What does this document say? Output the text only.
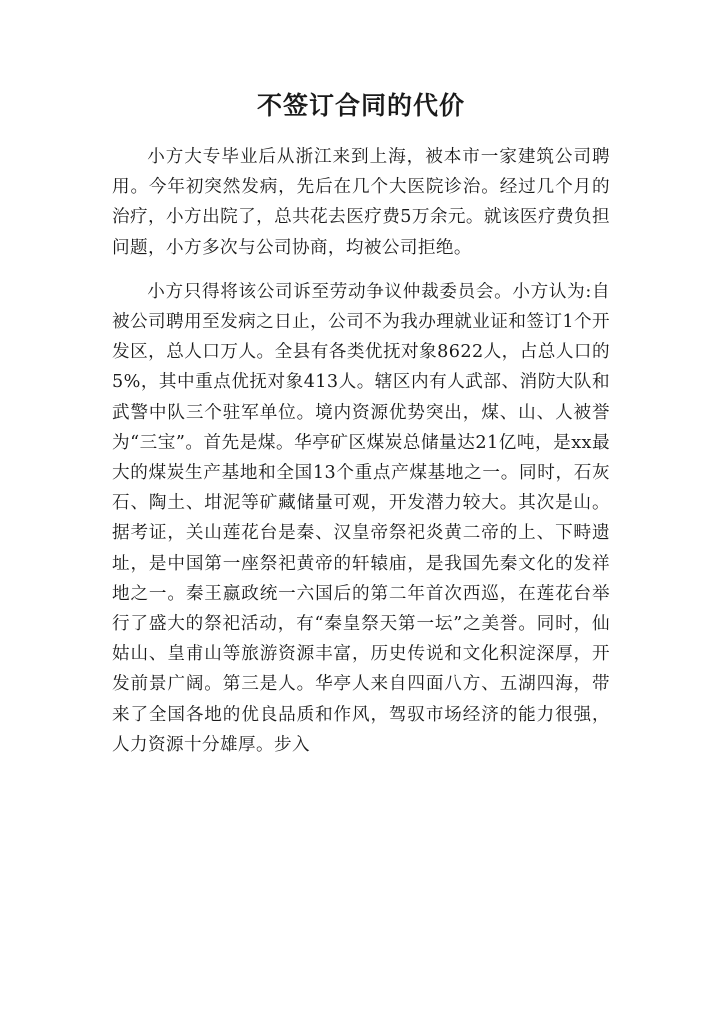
不签订合同的代价

小方大专毕业后从浙江来到上海，被本市一家建筑公司聘用。今年初突然发病，先后在几个大医院诊治。经过几个月的治疗，小方出院了，总共花去医疗费5万余元。就该医疗费负担问题，小方多次与公司协商，均被公司拒绝。

小方只得将该公司诉至劳动争议仲裁委员会。小方认为:自被公司聘用至发病之日止，公司不为我办理就业证和签订1个开发区，总人口万人。全县有各类优抚对象8622人，占总人口的5%，其中重点优抚对象413人。辖区内有人武部、消防大队和武警中队三个驻军单位。境内资源优势突出，煤、山、人被誉为“三宝”。首先是煤。华亭矿区煤炭总储量达21亿吨，是xx最大的煤炭生产基地和全国13个重点产煤基地之一。同时，石灰石、陶土、坩泥等矿藏储量可观，开发潜力较大。其次是山。据考证，关山莲花台是秦、汉皇帝祭祀炎黄二帝的上、下畤遗址，是中国第一座祭祀黄帝的轩辕庙，是我国先秦文化的发祥地之一。秦王嬴政统一六国后的第二年首次西巡，在莲花台举行了盛大的祭祀活动，有“秦皇祭天第一坛”之美誉。同时，仙姑山、皇甫山等旅游资源丰富，历史传说和文化积淀深厚，开发前景广阔。第三是人。华亭人来自四面八方、五湖四海，带来了全国各地的优良品质和作风，驾驭市场经济的能力很强，人力资源十分雄厚。步入
